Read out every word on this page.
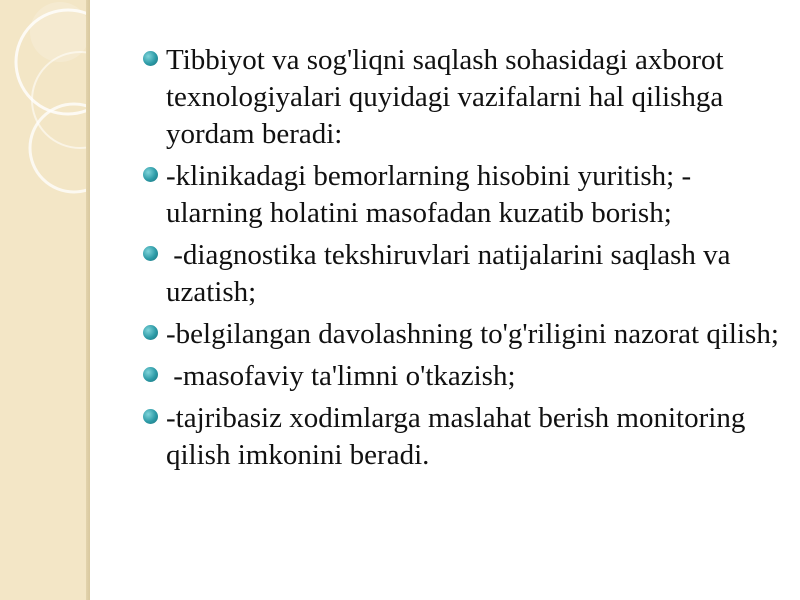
Tibbiyot va sog'liqni saqlash sohasidagi axborot texnologiyalari quyidagi vazifalarni hal qilishga yordam beradi:
-klinikadagi bemorlarning hisobini yuritish; -ularning holatini masofadan kuzatib borish;
-diagnostika tekshiruvlari natijalarini saqlash va uzatish;
-belgilangan davolashning to'g'riligini nazorat qilish;
-masofaviy ta'limni o'tkazish;
-tajribasiz xodimlarga maslahat berish monitoring qilish imkonini beradi.
